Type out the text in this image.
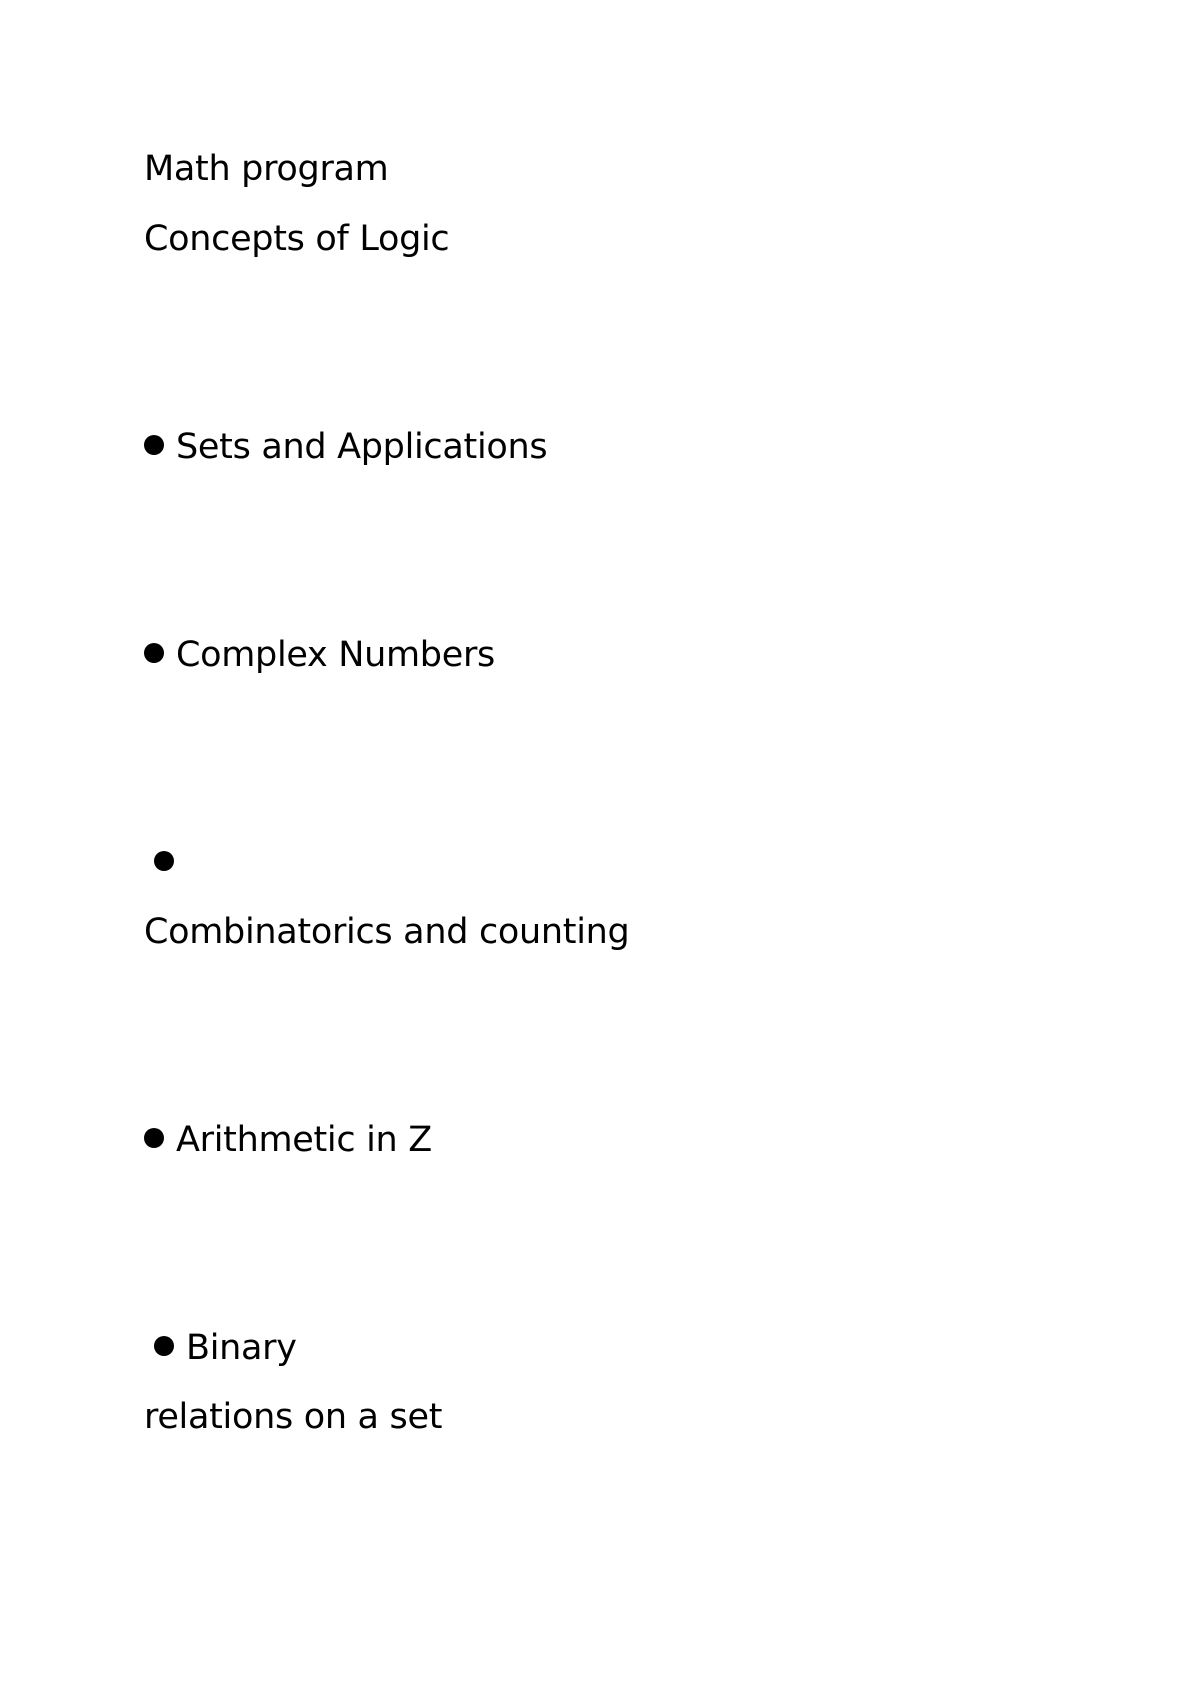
Math program
Concepts of Logic
Sets and Applications
Complex Numbers
Combinatorics and counting
Arithmetic in Z
Binary
relations on a set
